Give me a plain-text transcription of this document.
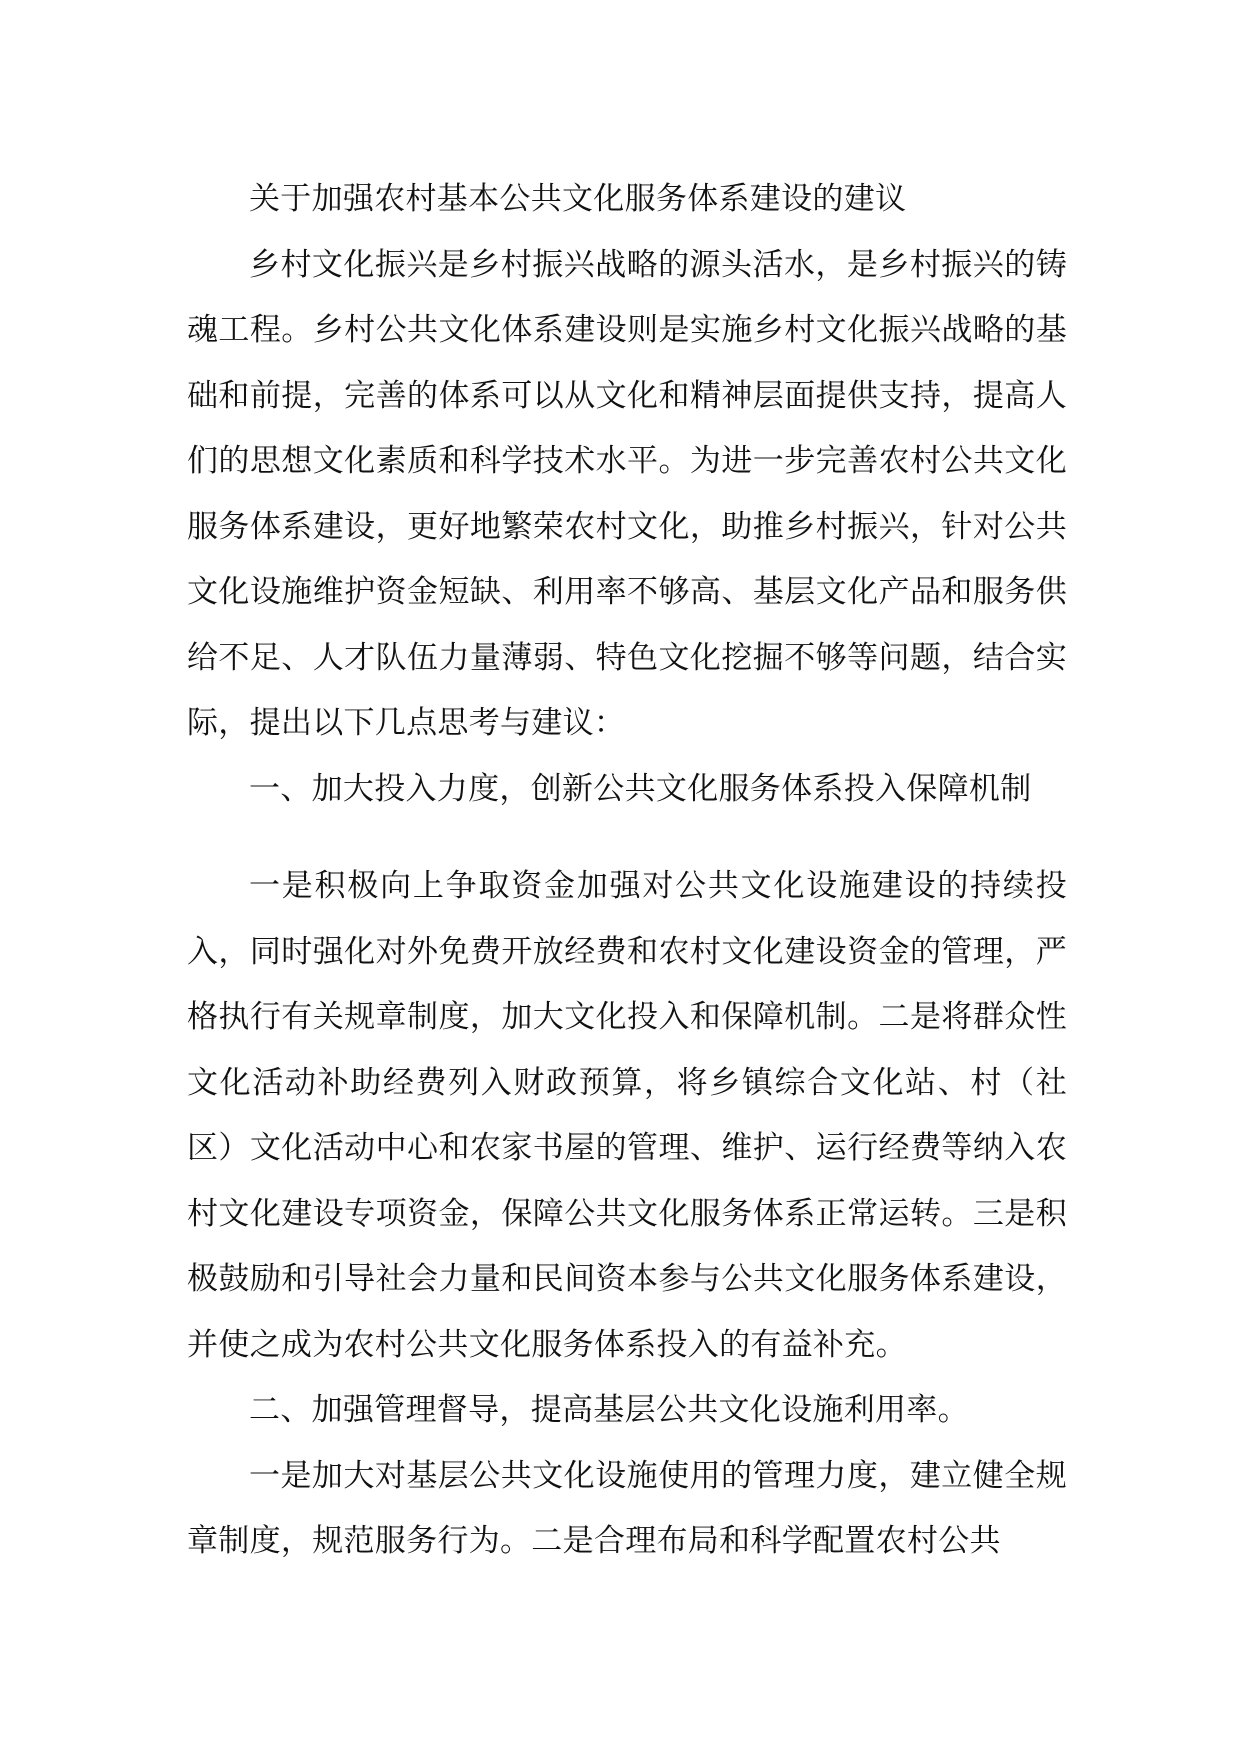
关于加强农村基本公共文化服务体系建设的建议

乡村文化振兴是乡村振兴战略的源头活水，是乡村振兴的铸魂工程。乡村公共文化体系建设则是实施乡村文化振兴战略的基础和前提，完善的体系可以从文化和精神层面提供支持，提高人们的思想文化素质和科学技术水平。为进一步完善农村公共文化服务体系建设，更好地繁荣农村文化，助推乡村振兴，针对公共文化设施维护资金短缺、利用率不够高、基层文化产品和服务供给不足、人才队伍力量薄弱、特色文化挖掘不够等问题，结合实际，提出以下几点思考与建议：

一、加大投入力度，创新公共文化服务体系投入保障机制

一是积极向上争取资金加强对公共文化设施建设的持续投入，同时强化对外免费开放经费和农村文化建设资金的管理，严格执行有关规章制度，加大文化投入和保障机制。二是将群众性文化活动补助经费列入财政预算，将乡镇综合文化站、村（社区）文化活动中心和农家书屋的管理、维护、运行经费等纳入农村文化建设专项资金，保障公共文化服务体系正常运转。三是积极鼓励和引导社会力量和民间资本参与公共文化服务体系建设，并使之成为农村公共文化服务体系投入的有益补充。

二、加强管理督导，提高基层公共文化设施利用率。

一是加大对基层公共文化设施使用的管理力度，建立健全规章制度，规范服务行为。二是合理布局和科学配置农村公共
